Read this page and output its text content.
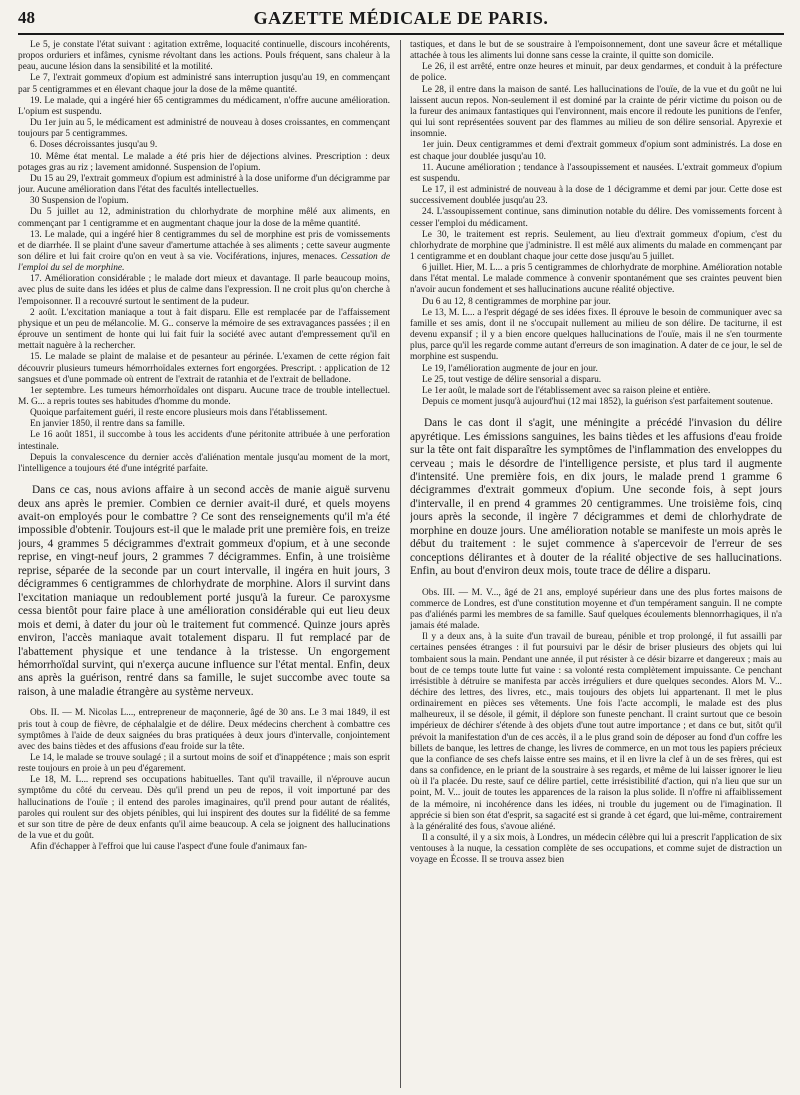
48	GAZETTE MÉDICALE DE PARIS.

Le 5, je constate l'état suivant : agitation extrême, loquacité continuelle, discours incohérents, propos orduriers et infâmes, cynisme révoltant dans les actions. Pouls fréquent, sans chaleur à la peau, aucune lésion dans la sensibilité et la motilité.

Le 7, l'extrait gommeux d'opium est administré sans interruption jusqu'au 19, en commençant par 5 centigrammes et en élevant chaque jour la dose de la même quantité.

19. Le malade, qui a ingéré hier 65 centigrammes du médicament, n'offre aucune amélioration. L'opium est suspendu.

Du 1er juin au 5, le médicament est administré de nouveau à doses croissantes, en commençant toujours par 5 centigrammes.

6. Doses décroissantes jusqu'au 9.

10. Même état mental. Le malade a été pris hier de déjections alvines. Prescription : deux potages gras au riz ; lavement amidonné. Suspension de l'opium.

Du 15 au 29, l'extrait gommeux d'opium est administré à la dose uniforme d'un décigramme par jour. Aucune amélioration dans l'état des facultés intellectuelles.

30 Suspension de l'opium.

Du 5 juillet au 12, administration du chlorhydrate de morphine mêlé aux aliments, en commençant par 1 centigramme et en augmentant chaque jour la dose de la même quantité.

13. Le malade, qui a ingéré hier 8 centigrammes du sel de morphine est pris de vomissements et de diarrhée. Il se plaint d'une saveur d'amertume attachée à ses aliments ; cette saveur augmente son délire et lui fait croire qu'on en veut à sa vie. Vociférations, injures, menaces. Cessation de l'emploi du sel de morphine.

17. Amélioration considérable ; le malade dort mieux et davantage. Il parle beaucoup moins, avec plus de suite dans les idées et plus de calme dans l'expression. Il ne croit plus qu'on cherche à l'empoisonner. Il a recouvré surtout le sentiment de la pudeur.

2 août. L'excitation maniaque a tout à fait disparu. Elle est remplacée par de l'affaissement physique et un peu de mélancolie. M. G.. conserve la mémoire de ses extravagances passées ; il en éprouve un sentiment de honte qui lui fait fuir la société avec autant d'empressement qu'il en mettait naguère à la rechercher.

15. Le malade se plaint de malaise et de pesanteur au périnée. L'examen de cette région fait découvrir plusieurs tumeurs hémorrhoïdales externes fort engorgées. Prescript. : application de 12 sangsues et d'une pommade où entrent de l'extrait de ratanhia et de l'extrait de belladone.

1er septembre. Les tumeurs hémorrhoïdales ont disparu. Aucune trace de trouble intellectuel. M. G... a repris toutes ses habitudes d'homme du monde.

Quoique parfaitement guéri, il reste encore plusieurs mois dans l'établissement.

En janvier 1850, il rentre dans sa famille.

Le 16 août 1851, il succombe à tous les accidents d'une péritonite attribuée à une perforation intestinale.

Depuis la convalescence du dernier accès d'aliénation mentale jusqu'au moment de la mort, l'intelligence a toujours été d'une intégrité parfaite.

Dans ce cas, nous avions affaire à un second accès de manie aiguë survenu deux ans après le premier. Combien ce dernier avait-il duré, et quels moyens avait-on employés pour le combattre ? Ce sont des renseignements qu'il m'a été impossible d'obtenir. Toujours est-il que le malade prit une première fois, en treize jours, 4 grammes 5 décigrammes d'extrait gommeux d'opium, et à une seconde reprise, en vingt-neuf jours, 2 grammes 7 décigrammes. Enfin, à une troisième reprise, séparée de la seconde par un court intervalle, il ingéra en huit jours, 3 décigrammes 6 centigrammes de chlorhydrate de morphine. Alors il survint dans l'excitation maniaque un redoublement porté jusqu'à la fureur. Ce paroxysme cessa bientôt pour faire place à une amélioration considérable qui eut lieu deux mois et demi, à dater du jour où le traitement fut commencé. Quinze jours après environ, l'accès maniaque avait totalement disparu. Il fut remplacé par de l'abattement physique et une tendance à la tristesse. Un engorgement hémorrhoïdal survint, qui n'exerça aucune influence sur l'état mental. Enfin, deux ans après la guérison, rentré dans sa famille, le sujet succombe avec toute sa raison, à une maladie étrangère au système nerveux.

Obs. II. — M. Nicolas L..., entrepreneur de maçonnerie, âgé de 30 ans. Le 3 mai 1849, il est pris tout à coup de fièvre, de céphalalgie et de délire. Deux médecins cherchent à combattre ces symptômes à l'aide de deux saignées du bras pratiquées à deux jours d'intervalle, conjointement avec des bains tièdes et des affusions d'eau froide sur la tête.

Le 14, le malade se trouve soulagé ; il a surtout moins de soif et d'inappétence ; mais son esprit reste toujours en proie à un peu d'égarement.

Le 18, M. L... reprend ses occupations habituelles. Tant qu'il travaille, il n'éprouve aucun symptôme du côté du cerveau. Dès qu'il prend un peu de repos, il voit importuné par des hallucinations de l'ouïe ; il entend des paroles imaginaires, qu'il prend pour autant de réalités, paroles qui roulent sur des objets pénibles, qui lui inspirent des doutes sur la fidélité de sa femme et sur son titre de père de deux enfants qu'il aime beaucoup. A cela se joignent des hallucinations de la vue et du goût.

Afin d'échapper à l'effroi que lui cause l'aspect d'une foule d'animaux fan-

tastiques, et dans le but de se soustraire à l'empoisonnement, dont une saveur âcre et métallique attachée à tous les aliments lui donne sans cesse la crainte, il quitte son domicile.

Le 26, il est arrêté, entre onze heures et minuit, par deux gendarmes, et conduit à la préfecture de police.

Le 28, il entre dans la maison de santé. Les hallucinations de l'ouïe, de la vue et du goût ne lui laissent aucun repos. Non-seulement il est dominé par la crainte de périr victime du poison ou de la fureur des animaux fantastiques qui l'environnent, mais encore il redoute les punitions de l'enfer, qui lui sont représentées souvent par des flammes au milieu de son délire sensorial. Apyrexie et insomnie.

1er juin. Deux centigrammes et demi d'extrait gommeux d'opium sont administrés. La dose en est chaque jour doublée jusqu'au 10.

11. Aucune amélioration ; tendance à l'assoupissement et nausées. L'extrait gommeux d'opium est suspendu.

Le 17, il est administré de nouveau à la dose de 1 décigramme et demi par jour. Cette dose est successivement doublée jusqu'au 23.

24. L'assoupissement continue, sans diminution notable du délire. Des vomissements forcent à cesser l'emploi du médicament.

Le 30, le traitement est repris. Seulement, au lieu d'extrait gommeux d'opium, c'est du chlorhydrate de morphine que j'administre. Il est mêlé aux aliments du malade en commençant par 1 centigramme et en doublant chaque jour cette dose jusqu'au 5 juillet.

6 juillet. Hier, M. L... a pris 5 centigrammes de chlorhydrate de morphine. Amélioration notable dans l'état mental. Le malade commence à convenir spontanément que ses craintes peuvent bien n'avoir aucun fondement et ses hallucinations aucune réalité objective.

Du 6 au 12, 8 centigrammes de morphine par jour.

Le 13, M. L... a l'esprit dégagé de ses idées fixes. Il éprouve le besoin de communiquer avec sa famille et ses amis, dont il ne s'occupait nullement au milieu de son délire. De taciturne, il est devenu expansif ; il y a bien encore quelques hallucinations de l'ouïe, mais il ne s'en tourmente plus, parce qu'il les regarde comme autant d'erreurs de son imagination. A dater de ce jour, le sel de morphine est suspendu.

Le 19, l'amélioration augmente de jour en jour.

Le 25, tout vestige de délire sensorial a disparu.

Le 1er août, le malade sort de l'établissement avec sa raison pleine et entière.

Depuis ce moment jusqu'à aujourd'hui (12 mai 1852), la guérison s'est parfaitement soutenue.

Dans le cas dont il s'agit, une méningite a précédé l'invasion du délire apyrétique. Les émissions sanguines, les bains tièdes et les affusions d'eau froide sur la tête ont fait disparaître les symptômes de l'inflammation des enveloppes du cerveau ; mais le désordre de l'intelligence persiste, et plus tard il augmente d'intensité. Une première fois, en dix jours, le malade prend 1 gramme 6 décigrammes d'extrait gommeux d'opium. Une seconde fois, à sept jours d'intervalle, il en prend 4 grammes 20 centigrammes. Une troisième fois, cinq jours après la seconde, il ingère 7 décigrammes et demi de chlorhydrate de morphine en douze jours. Une amélioration notable se manifeste un mois après le début du traitement : le sujet commence à s'apercevoir de l'erreur de ses conceptions délirantes et à douter de la réalité objective de ses hallucinations. Enfin, au bout d'environ deux mois, toute trace de délire a disparu.

Obs. III. — M. V..., âgé de 21 ans, employé supérieur dans une des plus fortes maisons de commerce de Londres, est d'une constitution moyenne et d'un tempérament sanguin. Il ne compte pas d'aliénés parmi les membres de sa famille. Sauf quelques écoulements blennorrhagiques, il n'a jamais été malade.

Il y a deux ans, à la suite d'un travail de bureau, pénible et trop prolongé, il fut assailli par certaines pensées étranges : il fut poursuivi par le désir de briser plusieurs des objets qui lui tombaient sous la main. Pendant une année, il put résister à ce désir bizarre et dangereux ; mais au bout de ce temps toute lutte fut vaine : sa volonté resta complètement impuissante. Ce penchant irrésistible à détruire se manifesta par accès irréguliers et dure quelques secondes. Alors M. V... déchire des lettres, des livres, etc., mais toujours des objets lui appartenant. Il met le plus ordinairement en pièces ses vêtements. Une fois l'acte accompli, le malade est des plus malheureux, il se désole, il gémit, il déplore son funeste penchant. Il craint surtout que ce besoin impérieux de déchirer s'étende à des objets d'une tout autre importance ; et dans ce but, sitôt qu'il prévoit la manifestation d'un de ces accès, il a le plus grand soin de déposer au fond d'un coffre les billets de banque, les lettres de change, les livres de commerce, en un mot tous les papiers précieux que la confiance de ses chefs laisse entre ses mains, et il en livre la clef à un de ses frères, qui est dans sa confidence, en le priant de la soustraire à ses regards, et même de lui laisser ignorer le lieu où il l'a placée. Du reste, sauf ce délire partiel, cette irrésistibilité d'action, qui n'a lieu que sur un point, M. V... jouit de toutes les apparences de la raison la plus solide. Il n'offre ni affaiblissement de la mémoire, ni incohérence dans les idées, ni trouble du jugement ou de l'imagination. Il apprécie si bien son état d'esprit, sa sagacité est si grande à cet égard, que lui-même, contrairement à la généralité des fous, s'avoue aliéné.

Il a consulté, il y a six mois, à Londres, un médecin célèbre qui lui a prescrit l'application de six ventouses à la nuque, la cessation complète de ses occupations, et comme sujet de distraction un voyage en Écosse. Il se trouva assez bien
